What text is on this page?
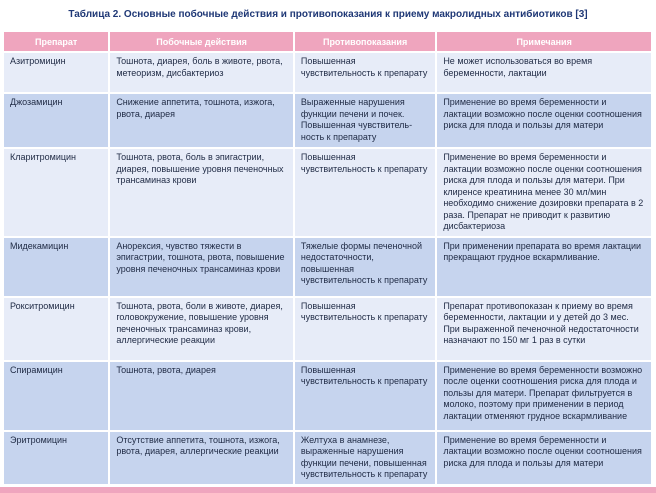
Таблица 2. Основные побочные действия и противопоказания к приему макролидных антибиотиков [3]
Препарат	Побочные действия	Противопоказания	Примечания
Азитромицин	Тошнота, диарея, боль в животе, рвота, метеоризм, дисбактериоз	Повышенная чувствительность к препарату	Не может использоваться во время беременности, лактации
Джозамицин	Снижение аппетита, тошнота, изжога, рвота, диарея	Выраженные нарушения функции печени и почек. Повышенная чувствитель-ность к препарату	Применение во время беременности и лактации возможно после оценки соотношения риска для плода и пользы для матери
Кларитромицин	Тошнота, рвота, боль в эпигастрии, диарея, повышение уровня печеночных трансаминаз крови	Повышенная чувствительность к препарату	Применение во время беременности и лактации возможно после оценки соотношения риска для плода и пользы для матери. При клиренсе креатинина менее 30 мл/мин необходимо снижение дозировки препарата в 2 раза. Препарат не приводит к развитию дисбактериоза
Мидекамицин	Анорексия, чувство тяжести в эпигастрии, тошнота, рвота, повышение уровня печеночных трансаминаз крови	Тяжелые формы печеночной недостаточности, повышенная чувствительность к препарату	При применении препарата во время лактации прекращают грудное вскармливание.
Рокситромицин	Тошнота, рвота, боли в животе, диарея, головокружение, повышение уровня печеночных трансаминаз крови, аллергические реакции	Повышенная чувствительность к препарату	Препарат противопоказан к приему во время беременности, лактации и у детей до 3 мес. При выраженной печеночной недостаточности назначают по 150 мг 1 раз в сутки
Спирамицин	Тошнота, рвота, диарея	Повышенная чувствительность к препарату	Применение во время беременности возможно после оценки соотношения риска для плода и пользы для матери. Препарат фильтруется в молоко, поэтому при применении в период лактации отменяют грудное вскармливание
Эритромицин	Отсутствие аппетита, тошнота, изжога, рвота, диарея, аллергические реакции	Желтуха в анамнезе, выраженные нарушения функции печени, повышенная чувствительность к препарату	Применение во время беременности и лактации возможно после оценки соотношения риска для плода и пользы для матери
